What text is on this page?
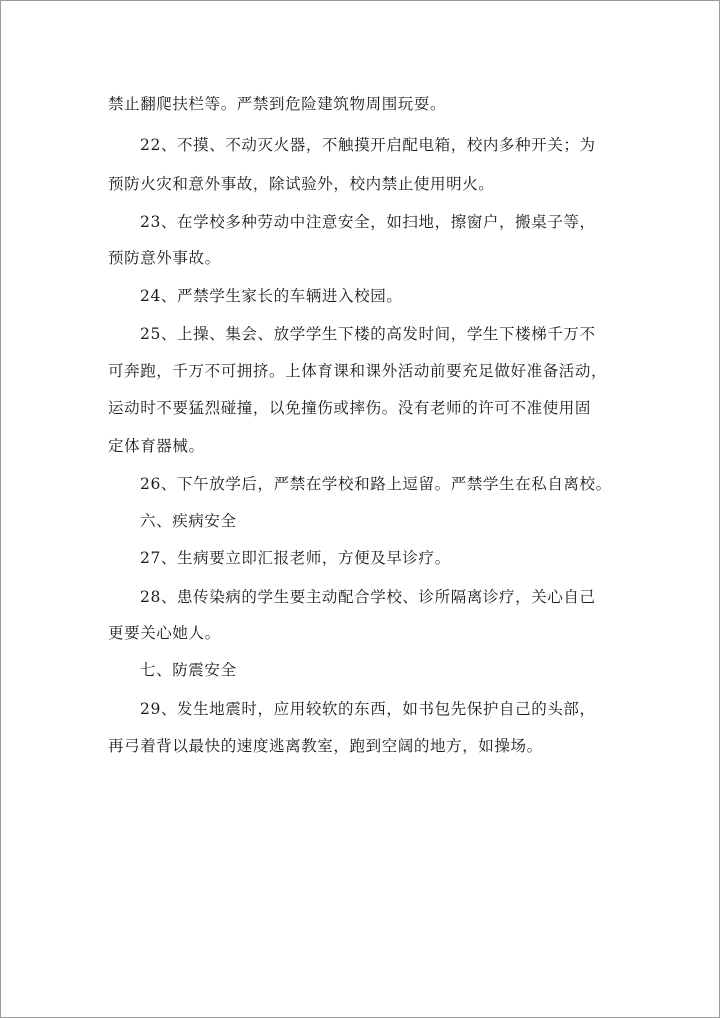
禁止翻爬扶栏等。严禁到危险建筑物周围玩耍。
22、不摸、不动灭火器，不触摸开启配电箱，校内多种开关；为
预防火灾和意外事故，除试验外，校内禁止使用明火。
23、在学校多种劳动中注意安全，如扫地，擦窗户，搬桌子等，
预防意外事故。
24、严禁学生家长的车辆进入校园。
25、上操、集会、放学学生下楼的高发时间，学生下楼梯千万不
可奔跑，千万不可拥挤。上体育课和课外活动前要充足做好准备活动，
运动时不要猛烈碰撞，以免撞伤或摔伤。没有老师的许可不准使用固
定体育器械。
26、下午放学后，严禁在学校和路上逗留。严禁学生在私自离校。
六、疾病安全
27、生病要立即汇报老师，方便及早诊疗。
28、患传染病的学生要主动配合学校、诊所隔离诊疗，关心自己
更要关心她人。
七、防震安全
29、发生地震时，应用较软的东西，如书包先保护自己的头部，
再弓着背以最快的速度逃离教室，跑到空阔的地方，如操场。
